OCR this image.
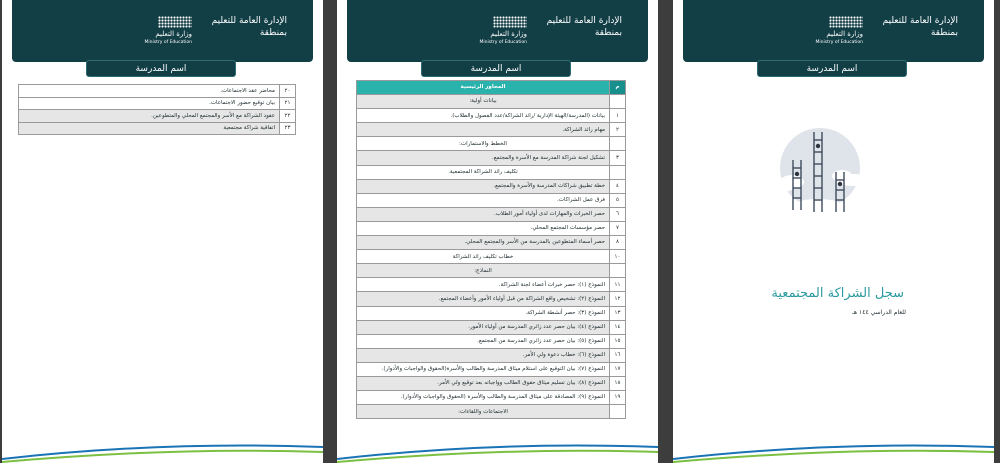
وزارة التعليم
Ministry of Education
الإدارة العامة للتعليم
بمنطقة
اسم المدرسة
٢٠	محاضر عقد الاجتماعات.
٢١	بيان توقيع حضور الاجتماعات.
٢٢	عقود الشراكة مع الأسر والمجتمع المحلي والمتطوعين.
٢٣	اتفاقية شراكة مجتمعية
وزارة التعليم
Ministry of Education
الإدارة العامة للتعليم
بمنطقة
اسم المدرسة
م	المحاور الرئيسية
	بيانات أولية:
١	بيانات (المدرسة/الهيئة الإدارية /رائد الشراكة/عدد الفصول والطلاب).
٢	مهام رائد الشراكة.
	الخطط والاستمارات:
٣	تشكيل لجنة شراكة المدرسة مع الأسرة والمجتمع.
	تكليف رائد الشراكة المجتمعية.
٤	خطة تطبيق شراكات المدرسة والأسرة والمجتمع.
٥	فرق عمل الشراكات.
٦	حصر الخبرات والمهارات لدى أولياء أمور الطلاب.
٧	حصر مؤسسات المجتمع المحلي.
٨	حصر أسماء المتطوعين بالمدرسة من الأسر والمجتمع المحلي.
١٠	خطاب تكليف رائد الشراكة
	النماذج:
١١	النموذج (١): حصر خبرات أعضاء لجنة الشراكة.
١٢	النموذج (٢): تشخيص واقع الشراكة من قبل أولياء الأمور وأعضاء المجتمع.
١٣	النموذج (٣): حصر أنشطة الشراكة.
١٤	النموذج (٤): بيان حصر عدد زائري المدرسة من أولياء الأمور.
١٥	النموذج (٥): بيان حصر عدد زائري المدرسة من المجتمع.
١٦	النموذج (٦): خطاب دعوة ولي الأمر.
١٧	النموذج (٧): بيان التوقيع على استلام ميثاق المدرسة والطالب والأسرة(الحقوق والواجبات والأدوار).
١٨	النموذج (٨): بيان تسليم ميثاق حقوق الطالب وواجباته بعد توقيع ولي الأمر.
١٩	النموذج (٩): المصادقة على ميثاق المدرسة والطالب والأسرة (الحقوق والواجبات والأدوار).
	الاجتماعات واللقاءات:
وزارة التعليم
Ministry of Education
الإدارة العامة للتعليم
بمنطقة
اسم المدرسة
سجل الشراكة المجتمعية
للعام الدراسي ١٤٤ هـ
